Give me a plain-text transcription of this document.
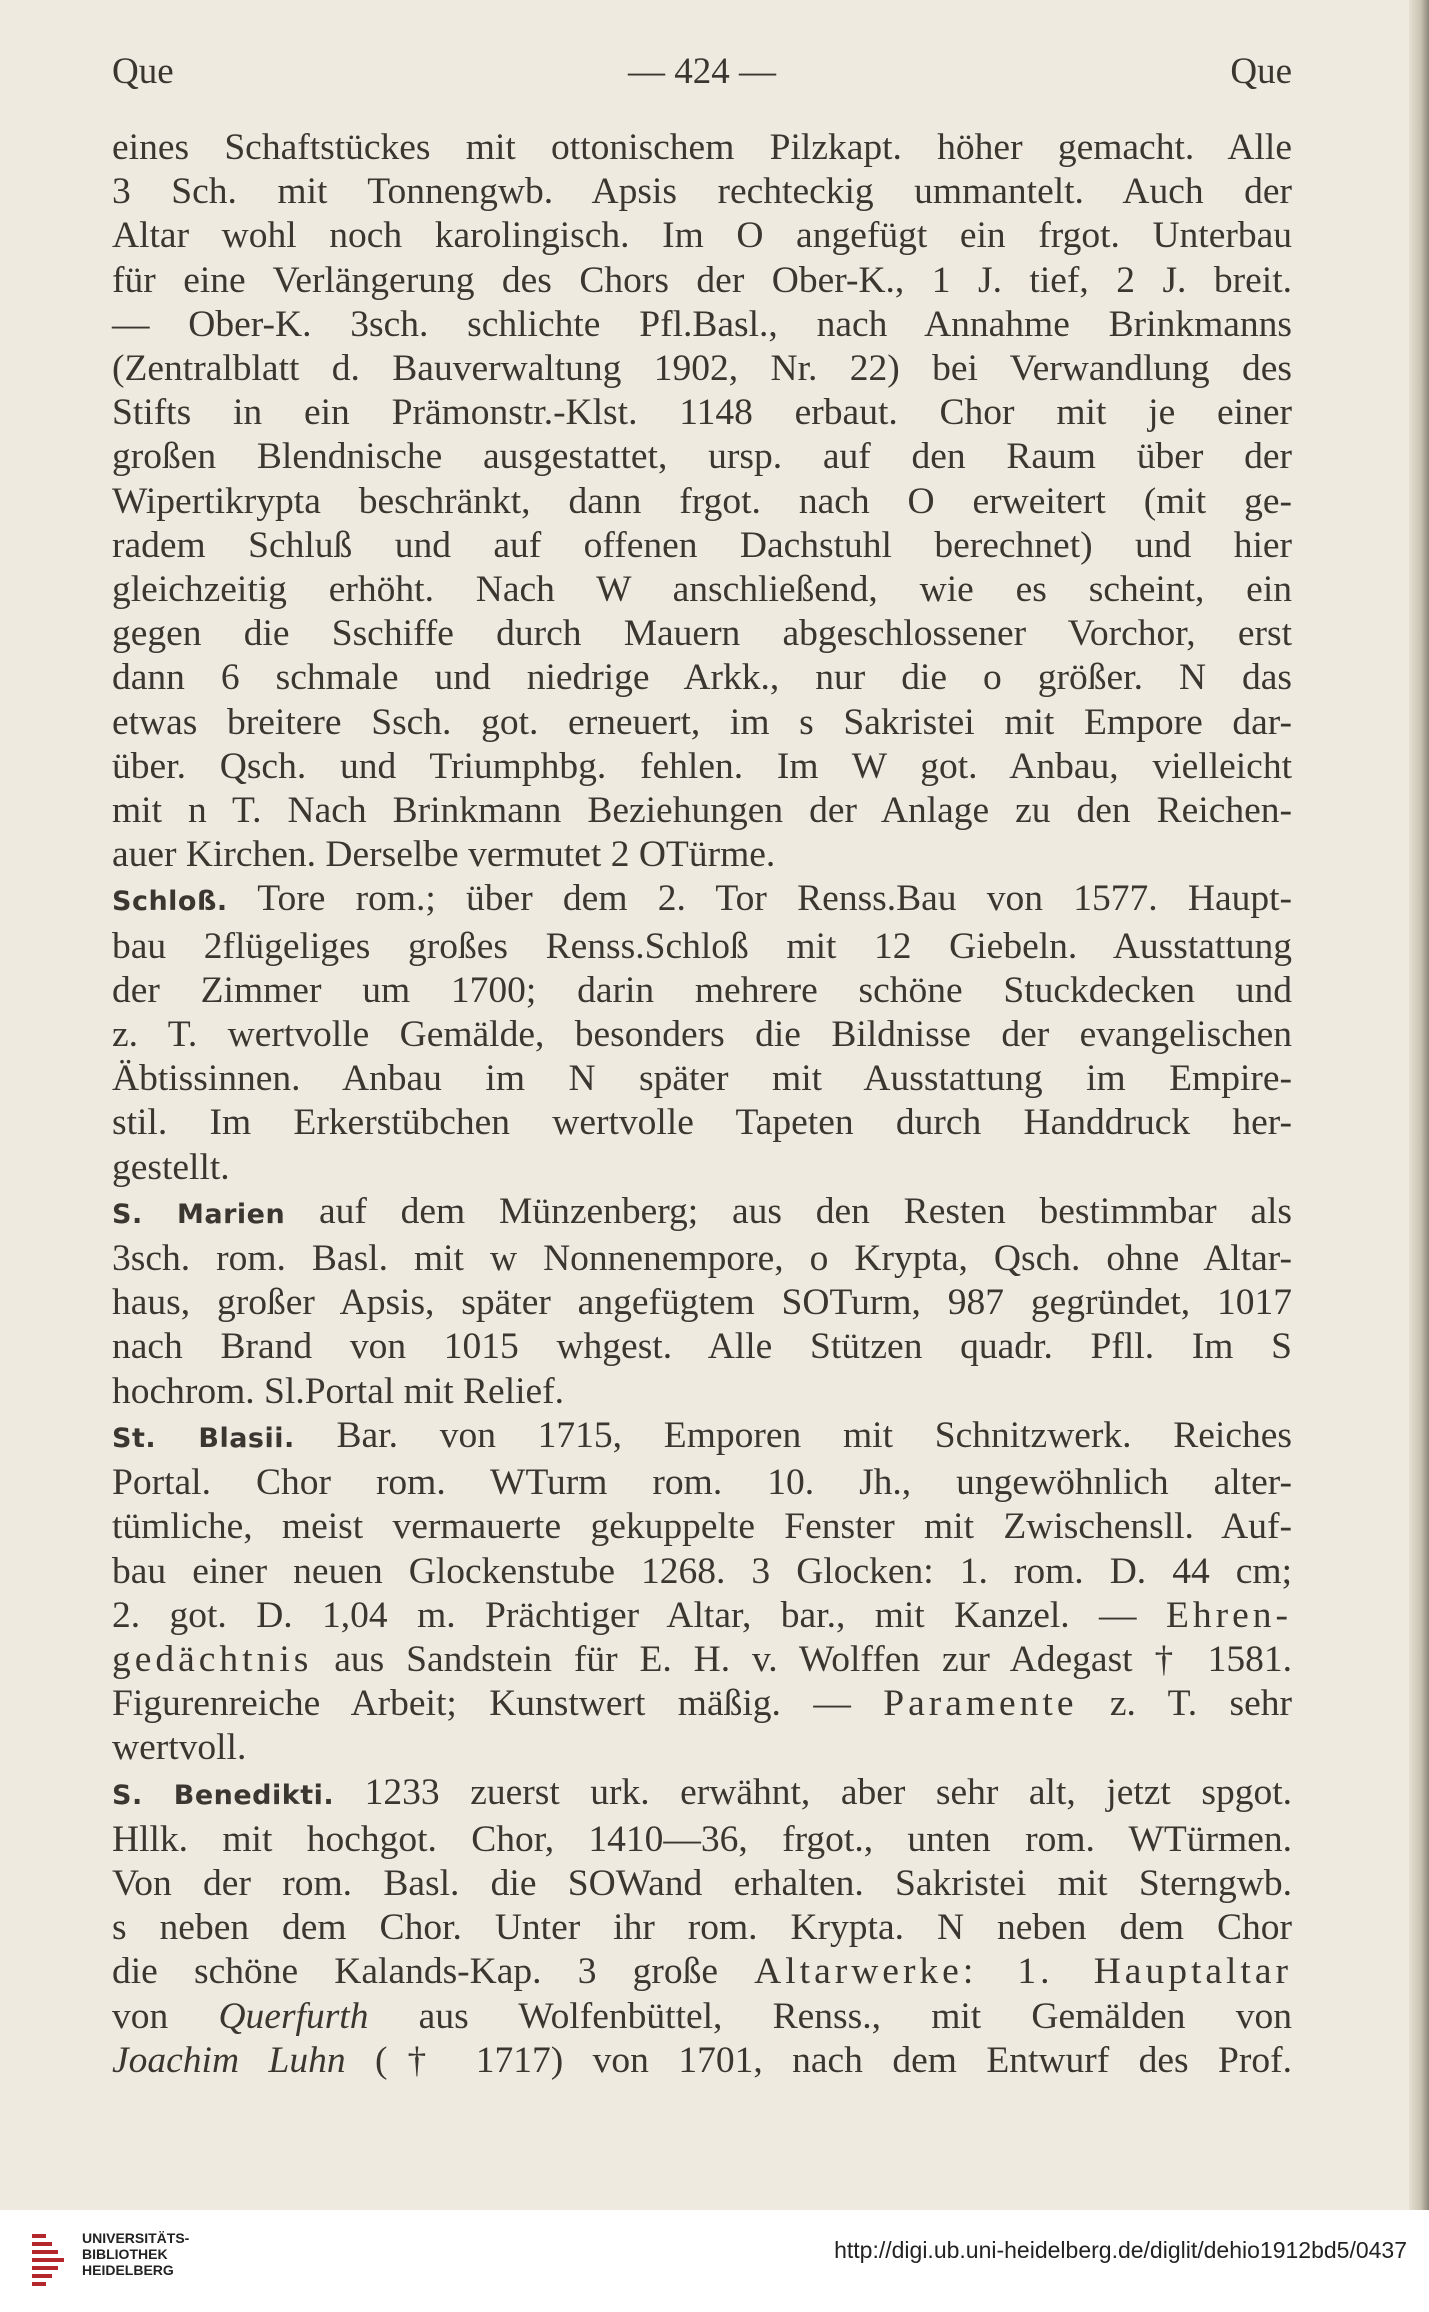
Que	— 424 —	Que
eines Schaftstückes mit ottonischem Pilzkapt. höher gemacht. Alle
3 Sch. mit Tonnengwb. Apsis rechteckig ummantelt. Auch der
Altar wohl noch karolingisch. Im O angefügt ein frgot. Unterbau
für eine Verlängerung des Chors der Ober-K., 1 J. tief, 2 J. breit.
— Ober-K. 3sch. schlichte Pfl.Basl., nach Annahme Brinkmanns
(Zentralblatt d. Bauverwaltung 1902, Nr. 22) bei Verwandlung des
Stifts in ein Prämonstr.-Klst. 1148 erbaut. Chor mit je einer
großen Blendnische ausgestattet, ursp. auf den Raum über der
Wipertikrypta beschränkt, dann frgot. nach O erweitert (mit ge-
radem Schluß und auf offenen Dachstuhl berechnet) und hier
gleichzeitig erhöht. Nach W anschließend, wie es scheint, ein
gegen die Sschiffe durch Mauern abgeschlossener Vorchor, erst
dann 6 schmale und niedrige Arkk., nur die o größer. N das
etwas breitere Ssch. got. erneuert, im s Sakristei mit Empore dar-
über. Qsch. und Triumphbg. fehlen. Im W got. Anbau, vielleicht
mit n T. Nach Brinkmann Beziehungen der Anlage zu den Reichen-
auer Kirchen. Derselbe vermutet 2 OTürme.
Schloß. Tore rom.; über dem 2. Tor Renss.Bau von 1577. Haupt-
bau 2flügeliges großes Renss.Schloß mit 12 Giebeln. Ausstattung
der Zimmer um 1700; darin mehrere schöne Stuckdecken und
z. T. wertvolle Gemälde, besonders die Bildnisse der evangelischen
Äbtissinnen. Anbau im N später mit Ausstattung im Empire-
stil. Im Erkerstübchen wertvolle Tapeten durch Handdruck her-
gestellt.
S. Marien auf dem Münzenberg; aus den Resten bestimmbar als
3sch. rom. Basl. mit w Nonnenempore, o Krypta, Qsch. ohne Altar-
haus, großer Apsis, später angefügtem SOTurm, 987 gegründet, 1017
nach Brand von 1015 whgest. Alle Stützen quadr. Pfll. Im S
hochrom. Sl.Portal mit Relief.
St. Blasii. Bar. von 1715, Emporen mit Schnitzwerk. Reiches
Portal. Chor rom. WTurm rom. 10. Jh., ungewöhnlich alter-
tümliche, meist vermauerte gekuppelte Fenster mit Zwischensll. Auf-
bau einer neuen Glockenstube 1268. 3 Glocken: 1. rom. D. 44 cm;
2. got. D. 1,04 m. Prächtiger Altar, bar., mit Kanzel. — Ehren-
gedächtnis aus Sandstein für E. H. v. Wolffen zur Adegast † 1581.
Figurenreiche Arbeit; Kunstwert mäßig. — Paramente z. T. sehr
wertvoll.
S. Benedikti. 1233 zuerst urk. erwähnt, aber sehr alt, jetzt spgot.
Hllk. mit hochgot. Chor, 1410—36, frgot., unten rom. WTürmen.
Von der rom. Basl. die SOWand erhalten. Sakristei mit Sterngwb.
s neben dem Chor. Unter ihr rom. Krypta. N neben dem Chor
die schöne Kalands-Kap. 3 große Altarwerke: 1. Hauptaltar
von Querfurth aus Wolfenbüttel, Renss., mit Gemälden von
Joachim Luhn († 1717) von 1701, nach dem Entwurf des Prof.
UNIVERSITÄTS-
BIBLIOTHEK
HEIDELBERG
http://digi.ub.uni-heidelberg.de/diglit/dehio1912bd5/0437
